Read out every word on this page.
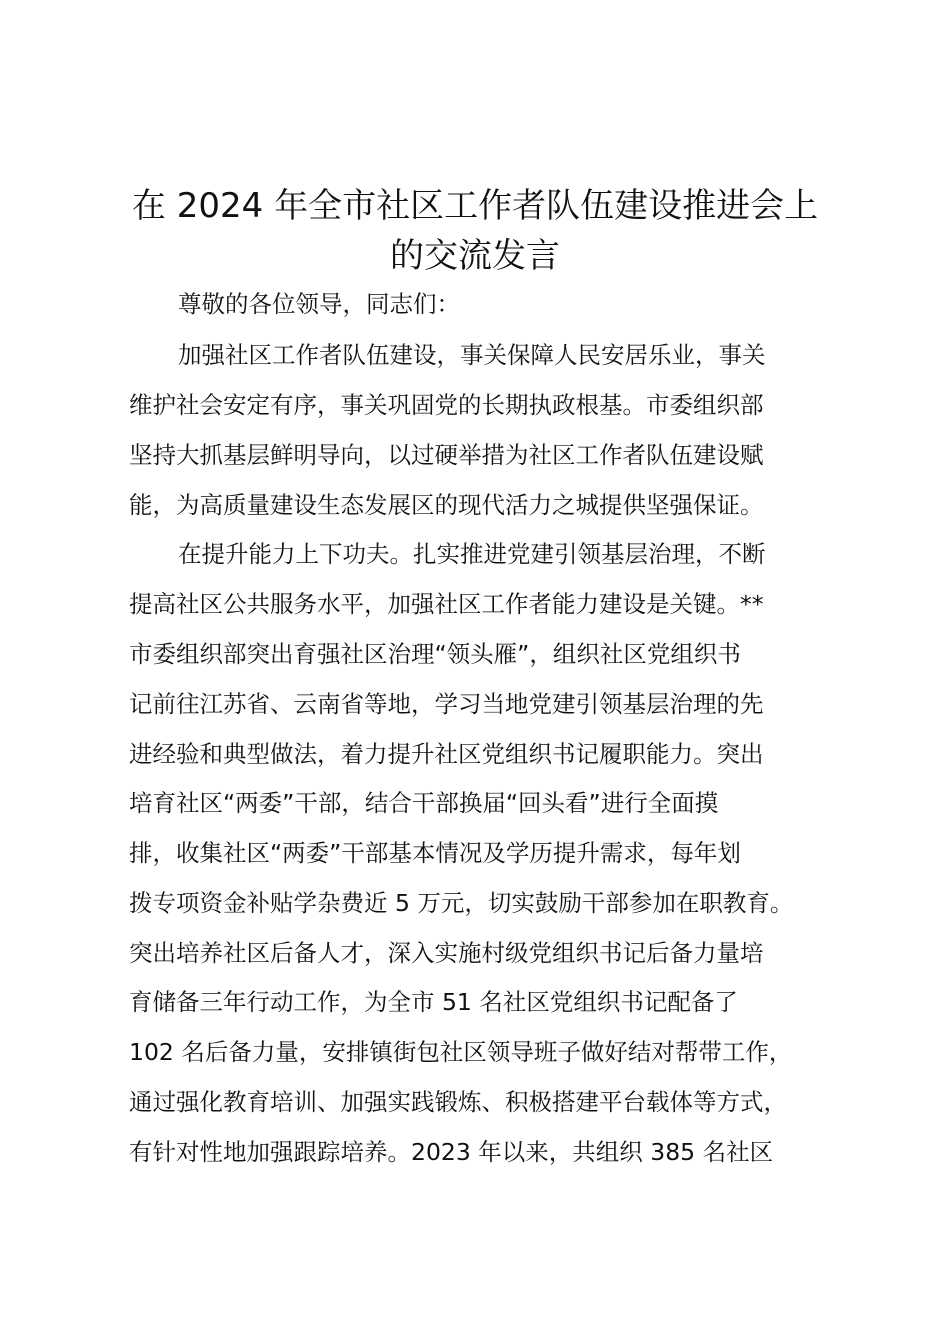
在 2024 年全市社区工作者队伍建设推进会上
的交流发言

尊敬的各位领导，同志们：

加强社区工作者队伍建设，事关保障人民安居乐业，事关

维护社会安定有序，事关巩固党的长期执政根基。市委组织部

坚持大抓基层鲜明导向，以过硬举措为社区工作者队伍建设赋

能，为高质量建设生态发展区的现代活力之城提供坚强保证。

在提升能力上下功夫。扎实推进党建引领基层治理，不断

提高社区公共服务水平，加强社区工作者能力建设是关键。**

市委组织部突出育强社区治理“领头雁”，组织社区党组织书

记前往江苏省、云南省等地，学习当地党建引领基层治理的先

进经验和典型做法，着力提升社区党组织书记履职能力。突出

培育社区“两委”干部，结合干部换届“回头看”进行全面摸

排，收集社区“两委”干部基本情况及学历提升需求，每年划

拨专项资金补贴学杂费近 5 万元，切实鼓励干部参加在职教育。

突出培养社区后备人才，深入实施村级党组织书记后备力量培

育储备三年行动工作，为全市 51 名社区党组织书记配备了

102 名后备力量，安排镇街包社区领导班子做好结对帮带工作，

通过强化教育培训、加强实践锻炼、积极搭建平台载体等方式，

有针对性地加强跟踪培养。2023 年以来，共组织 385 名社区
